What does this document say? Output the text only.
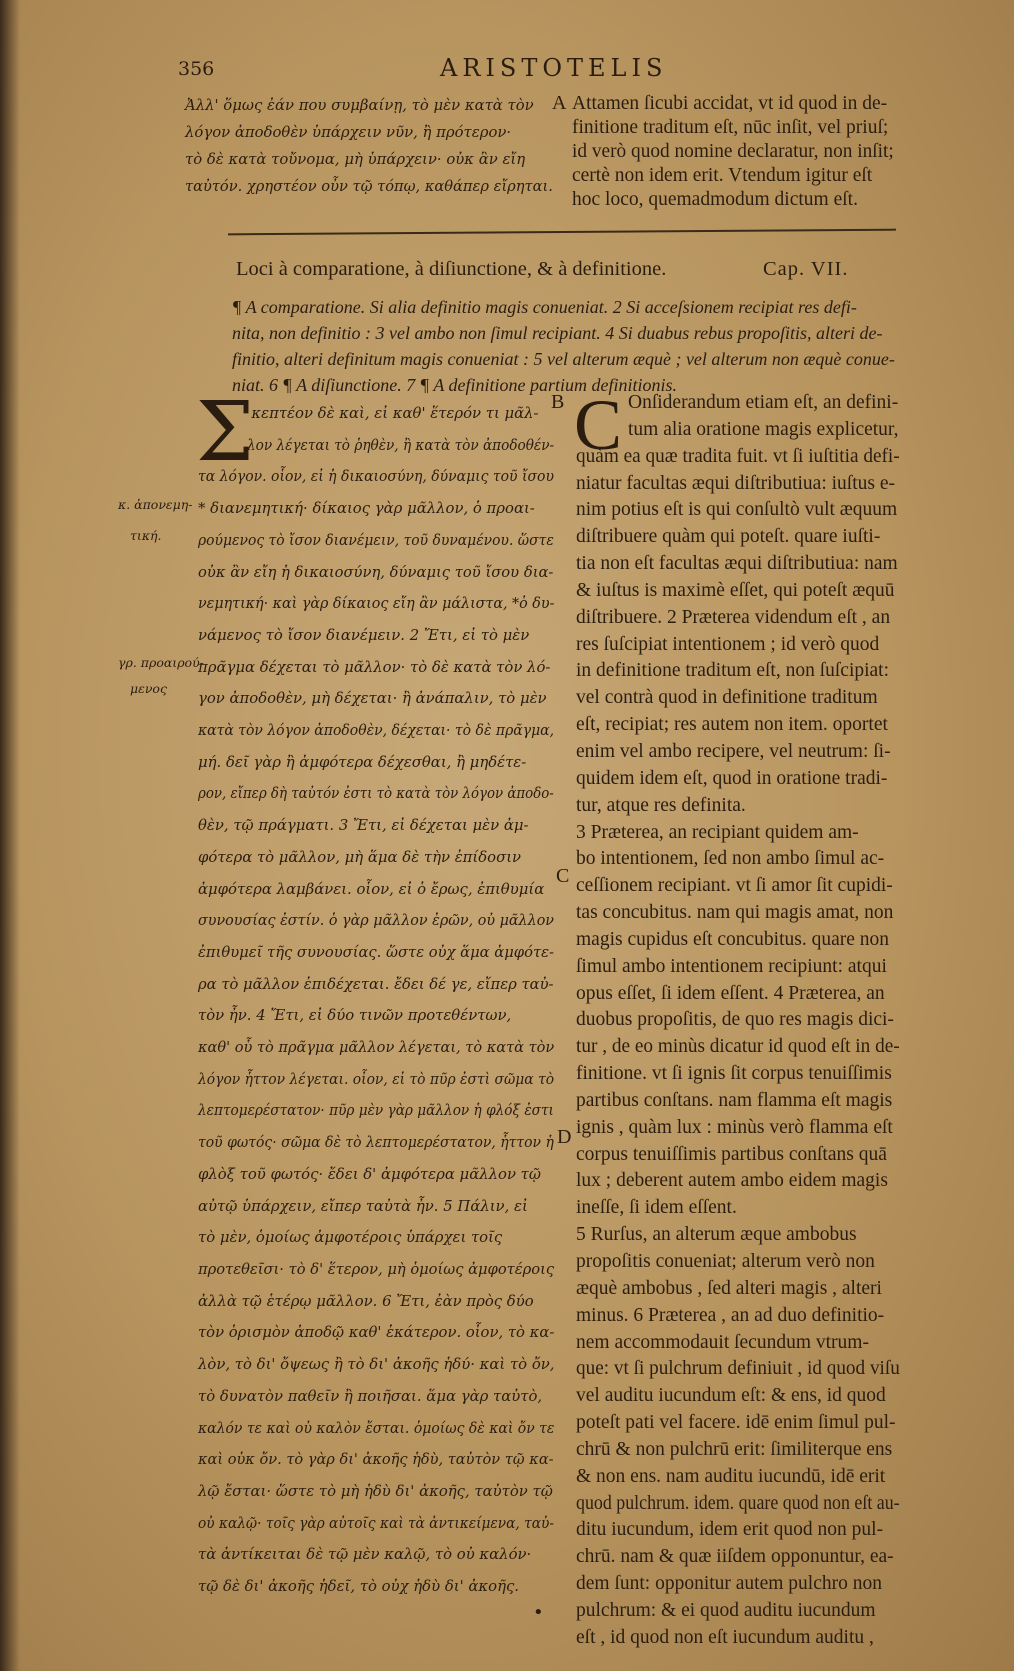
356	ARISTOTELIS
Ἀλλ' ὅμως ἐάν που συμβαίνῃ, τὸ μὲν κατὰ τὸν
λόγον ἀποδοθὲν ὑπάρχειν νῦν, ἢ πρότερον·
τὸ δὲ κατὰ τοὔνομα, μὴ ὑπάρχειν· οὐκ ἂν εἴη
ταὐτόν. χρηστέον οὖν τῷ τόπῳ, καθάπερ εἴρηται.
A Attamen ſicubi accidat, vt id quod in de-
finitione traditum eſt, nūc inſit, vel priuſ;
id verò quod nomine declaratur, non inſit;
certè non idem erit. Vtendum igitur eſt
hoc loco, quemadmodum dictum eſt.
Loci à comparatione, à diſiunctione, & à definitione.	Cap. VII.
¶ A comparatione. Si alia definitio magis conueniat. 2 Si acceſsionem recipiat res defi-
nita, non definitio : 3 vel ambo non ſimul recipiant. 4 Si duabus rebus propoſitis, alteri de-
finitio, alteri definitum magis conueniat : 5 vel alterum æquè ; vel alterum non æquè conue-
niat. 6 ¶ A diſiunctione. 7 ¶ A definitione partium definitionis.
Σ
κεπτέον δὲ καὶ, εἰ καθ' ἕτερόν τι μᾶλ-
λον λέγεται τὸ ῥηθὲν, ἢ κατὰ τὸν ἀποδοθέν-
τα λόγον. οἷον, εἰ ἡ δικαιοσύνη, δύναμις τοῦ ἴσου
* διανεμητική· δίκαιος γὰρ μᾶλλον, ὁ προαι-
ρούμενος τὸ ἴσον διανέμειν, τοῦ δυναμένου. ὥστε
οὐκ ἂν εἴη ἡ δικαιοσύνη, δύναμις τοῦ ἴσου δια-
νεμητική· καὶ γὰρ δίκαιος εἴη ἂν μάλιστα, *ὁ δυ-
νάμενος τὸ ἴσον διανέμειν. 2 Ἔτι, εἰ τὸ μὲν
πρᾶγμα δέχεται τὸ μᾶλλον· τὸ δὲ κατὰ τὸν λό-
γον ἀποδοθὲν, μὴ δέχεται· ἢ ἀνάπαλιν, τὸ μὲν
κατὰ τὸν λόγον ἀποδοθὲν, δέχεται· τὸ δὲ πρᾶγμα,
μή. δεῖ γὰρ ἢ ἀμφότερα δέχεσθαι, ἢ μηδέτε-
ρον, εἴπερ δὴ ταὐτόν ἐστι τὸ κατὰ τὸν λόγον ἀποδο-
θὲν, τῷ πράγματι. 3 Ἔτι, εἰ δέχεται μὲν ἀμ-
φότερα τὸ μᾶλλον, μὴ ἅμα δὲ τὴν ἐπίδοσιν
ἀμφότερα λαμβάνει. οἷον, εἰ ὁ ἔρως, ἐπιθυμία
συνουσίας ἐστίν. ὁ γὰρ μᾶλλον ἐρῶν, οὐ μᾶλλον
ἐπιθυμεῖ τῆς συνουσίας. ὥστε οὐχ ἅμα ἀμφότε-
ρα τὸ μᾶλλον ἐπιδέχεται. ἔδει δέ γε, εἴπερ ταὐ-
τὸν ἦν. 4 Ἔτι, εἰ δύο τινῶν προτεθέντων,
καθ' οὗ τὸ πρᾶγμα μᾶλλον λέγεται, τὸ κατὰ τὸν
λόγον ἧττον λέγεται. οἷον, εἰ τὸ πῦρ ἐστὶ σῶμα τὸ
λεπτομερέστατον· πῦρ μὲν γὰρ μᾶλλον ἡ φλόξ ἐστι
τοῦ φωτός· σῶμα δὲ τὸ λεπτομερέστατον, ἧττον ἡ
φλὸξ τοῦ φωτός· ἔδει δ' ἀμφότερα μᾶλλον τῷ
αὐτῷ ὑπάρχειν, εἴπερ ταὐτὰ ἦν. 5 Πάλιν, εἰ
τὸ μὲν, ὁμοίως ἀμφοτέροις ὑπάρχει τοῖς
προτεθεῖσι· τὸ δ' ἕτερον, μὴ ὁμοίως ἀμφοτέροις
ἀλλὰ τῷ ἑτέρῳ μᾶλλον. 6 Ἔτι, ἐὰν πρὸς δύο
τὸν ὁρισμὸν ἀποδῷ καθ' ἑκάτερον. οἷον, τὸ κα-
λὸν, τὸ δι' ὄψεως ἢ τὸ δι' ἀκοῆς ἡδύ· καὶ τὸ ὄν,
τὸ δυνατὸν παθεῖν ἢ ποιῆσαι. ἅμα γὰρ ταὐτὸ,
καλόν τε καὶ οὐ καλὸν ἔσται. ὁμοίως δὲ καὶ ὄν τε
καὶ οὐκ ὄν. τὸ γὰρ δι' ἀκοῆς ἡδὺ, ταὐτὸν τῷ κα-
λῷ ἔσται· ὥστε τὸ μὴ ἡδὺ δι' ἀκοῆς, ταὐτὸν τῷ
οὐ καλῷ· τοῖς γὰρ αὐτοῖς καὶ τὰ ἀντικείμενα, ταὐ-
τὰ ἀντίκειται δὲ τῷ μὲν καλῷ, τὸ οὐ καλόν·
τῷ δὲ δι' ἀκοῆς ἡδεῖ, τὸ οὐχ ἡδὺ δι' ἀκοῆς.
κ. ἀπονεμη-
τική.
γρ. προαιρού-
μενος
B
C
D
C Onſiderandum etiam eſt, an defini-
tum alia oratione magis explicetur,
quàm ea quæ tradita fuit. vt ſi iuſtitia defi-
niatur facultas æqui diſtributiua: iuſtus e-
nim potius eſt is qui conſultò vult æquum
diſtribuere quàm qui poteſt. quare iuſti-
tia non eſt facultas æqui diſtributiua: nam
& iuſtus is maximè eſſet, qui poteſt æquū
diſtribuere. 2 Præterea videndum eſt , an
res ſuſcipiat intentionem ; id verò quod
in definitione traditum eſt, non ſuſcipiat:
vel contrà quod in definitione traditum
eſt, recipiat; res autem non item. oportet
enim vel ambo recipere, vel neutrum: ſi-
quidem idem eſt, quod in oratione tradi-
tur, atque res definita.
3 Præterea, an recipiant quidem am-
bo intentionem, ſed non ambo ſimul ac-
ceſſionem recipiant. vt ſi amor ſit cupidi-
tas concubitus. nam qui magis amat, non
magis cupidus eſt concubitus. quare non
ſimul ambo intentionem recipiunt: atqui
opus eſſet, ſi idem eſſent. 4 Præterea, an
duobus propoſitis, de quo res magis dici-
tur , de eo minùs dicatur id quod eſt in de-
finitione. vt ſi ignis ſit corpus tenuiſſimis
partibus conſtans. nam flamma eſt magis
ignis , quàm lux : minùs verò flamma eſt
corpus tenuiſſimis partibus conſtans quā
lux ; deberent autem ambo eidem magis
ineſſe, ſi idem eſſent.
5 Rurſus, an alterum æque ambobus
propoſitis conueniat; alterum verò non
æquè ambobus , ſed alteri magis , alteri
minus. 6 Præterea , an ad duo definitio-
nem accommodauit ſecundum vtrum-
que: vt ſi pulchrum definiuit , id quod viſu
vel auditu iucundum eſt: & ens, id quod
poteſt pati vel facere. idē enim ſimul pul-
chrū & non pulchrū erit: ſimiliterque ens
& non ens. nam auditu iucundū, idē erit
quod pulchrum. idem. quare quod non eſt au-
ditu iucundum, idem erit quod non pul-
chrū. nam & quæ iiſdem opponuntur, ea-
dem ſunt: opponitur autem pulchro non
pulchrum: & ei quod auditu iucundum
eſt , id quod non eſt iucundum auditu ,
•
